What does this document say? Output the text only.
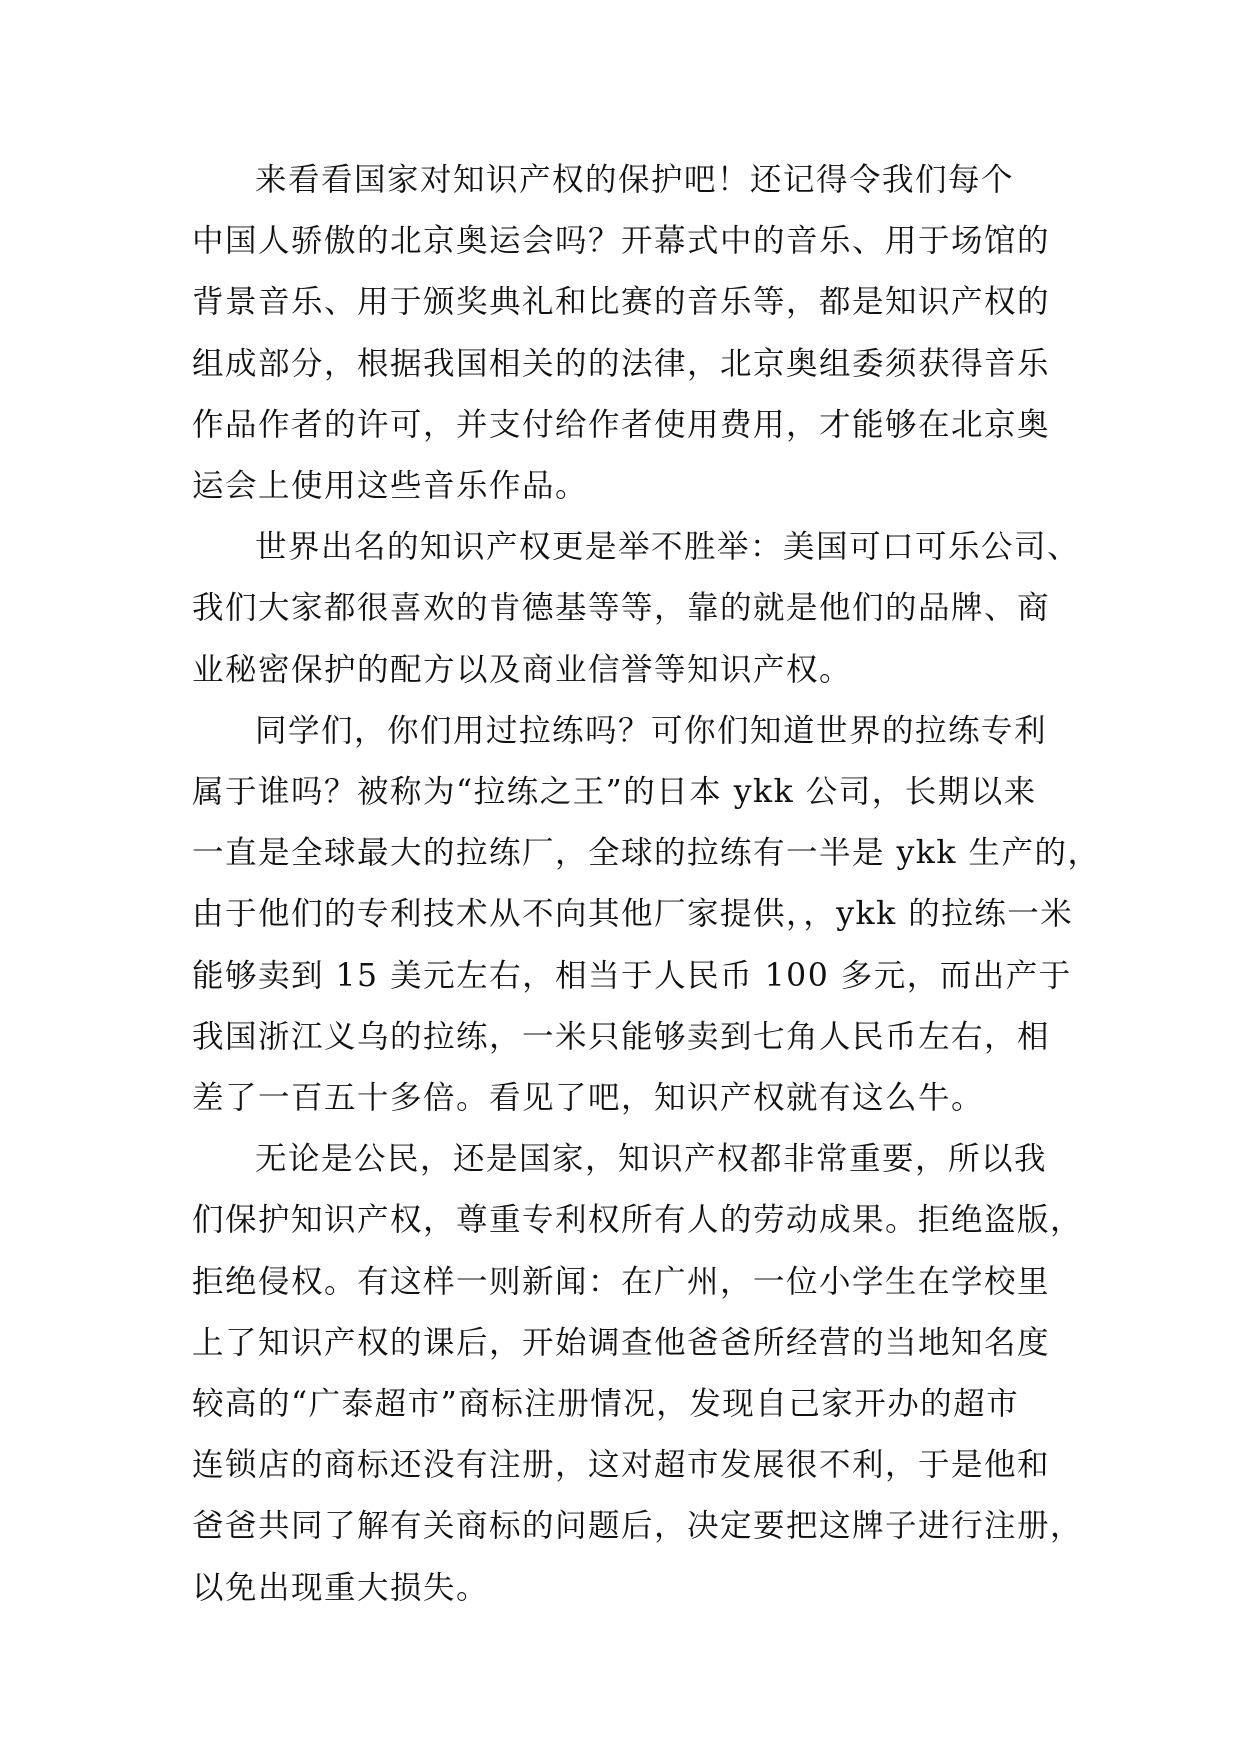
来看看国家对知识产权的保护吧！还记得令我们每个
中国人骄傲的北京奥运会吗？开幕式中的音乐、用于场馆的
背景音乐、用于颁奖典礼和比赛的音乐等，都是知识产权的
组成部分，根据我国相关的的法律，北京奥组委须获得音乐
作品作者的许可，并支付给作者使用费用，才能够在北京奥
运会上使用这些音乐作品。

世界出名的知识产权更是举不胜举：美国可口可乐公司、
我们大家都很喜欢的肯德基等等，靠的就是他们的品牌、商
业秘密保护的配方以及商业信誉等知识产权。

同学们，你们用过拉练吗？可你们知道世界的拉练专利
属于谁吗？被称为“拉练之王”的日本 ykk 公司，长期以来
一直是全球最大的拉练厂，全球的拉练有一半是 ykk 生产的，
由于他们的专利技术从不向其他厂家提供，，ykk 的拉练一米
能够卖到 15 美元左右，相当于人民币 100 多元，而出产于
我国浙江义乌的拉练，一米只能够卖到七角人民币左右，相
差了一百五十多倍。看见了吧，知识产权就有这么牛。

无论是公民，还是国家，知识产权都非常重要，所以我
们保护知识产权，尊重专利权所有人的劳动成果。拒绝盗版，
拒绝侵权。有这样一则新闻：在广州，一位小学生在学校里
上了知识产权的课后，开始调查他爸爸所经营的当地知名度
较高的“广泰超市”商标注册情况，发现自己家开办的超市
连锁店的商标还没有注册，这对超市发展很不利，于是他和
爸爸共同了解有关商标的问题后，决定要把这牌子进行注册，
以免出现重大损失。
